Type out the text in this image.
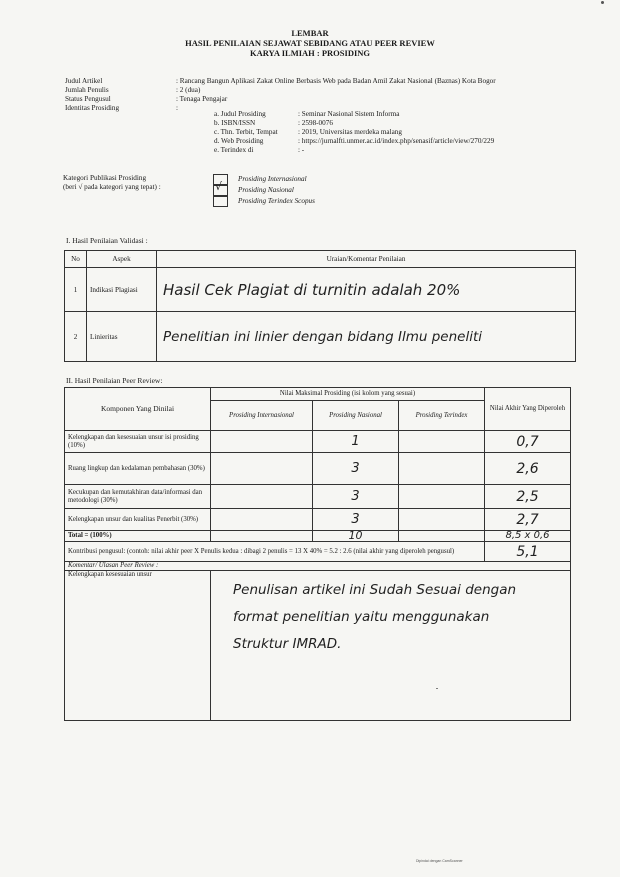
LEMBAR
HASIL PENILAIAN SEJAWAT SEBIDANG ATAU PEER REVIEW
KARYA ILMIAH : PROSIDING
Judul Artikel	: Rancang Bangun Aplikasi Zakat Online Berbasis Web pada Badan Amil Zakat Nasional (Baznas) Kota Bogor
Jumlah Penulis	: 2 (dua)
Status Pengusul	: Tenaga Pengajar
Identitas Prosiding	:
a. Judul Prosiding	: Seminar Nasional Sistem Informa
b. ISBN/ISSN	: 2598-0076
c. Thn. Terbit, Tempat	: 2019, Universitas merdeka malang
d. Web Prosiding	: https://jurnalfti.unmer.ac.id/index.php/senasif/article/view/270/229
e. Terindex di	: -
Kategori Publikasi Prosiding
(beri √ pada kategori yang tepat) :
Prosiding Internasional
√ Prosiding Nasional
Prosiding Terindex Scopus
I. Hasil Penilaian Validasi :
No	Aspek	Uraian/Komentar Penilaian
1	Indikasi Plagiasi	Hasil Cek Plagiat di turnitin adalah 20%
2	Linieritas	Penelitian ini linier dengan bidang Ilmu peneliti
II. Hasil Penilaian Peer Review:
Komponen Yang Dinilai	Nilai Maksimal Prosiding (isi kolom yang sesuai)			Nilai Akhir Yang Diperoleh
	Prosiding Internasional	Prosiding Nasional	Prosiding Terindex	
Kelengkapan dan kesesuaian unsur isi prosiding (10%)		1		0,7
Ruang lingkup dan kedalaman pembahasan (30%)		3		2,6
Kecukupan dan kemutakhiran data/informasi dan metodologi (30%)		3		2,5
Kelengkapan unsur dan kualitas Penerbit (30%)		3		2,7
Total = (100%)		10		8,5 x 0,6
Kontribusi pengusul: (contoh: nilai akhir peer X Penulis kedua : dibagi 2 penulis = 13 X 40% = 5.2 : 2.6 (nilai akhir yang diperoleh pengusul)				5,1
Komentar/ Ulasan Peer Review :				
Kelengkapan kesesuaian unsur	Penulisan artikel ini Sudah Sesuai dengan format penelitian yaitu menggunakan Struktur IMRAD.			
Dipindai dengan CamScanner
